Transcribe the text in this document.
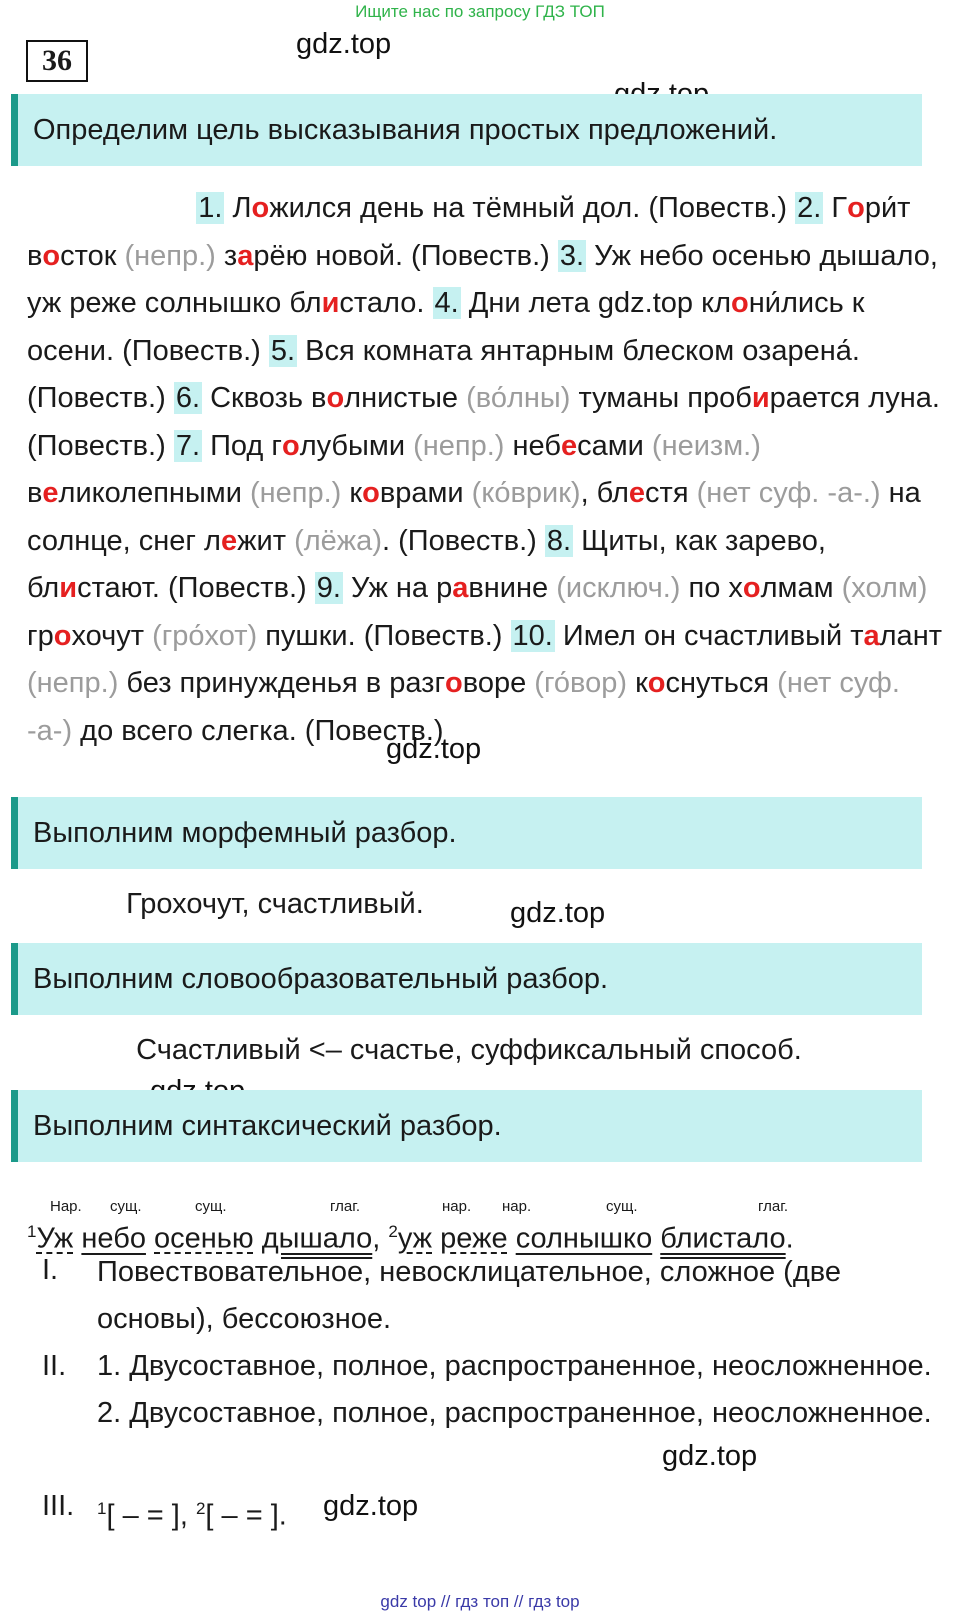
Ищите нас по запросу ГДЗ ТОП
36	gdz.top
Определим цель высказывания простых предложений.
1. Ложился день на тёмный дол. (Повеств.) 2. Гори́т восток (непр.) зарёю новой. (Повеств.) 3. Уж небо осенью дышало, уж реже солнышко блистало. 4. Дни лета gdz.top клони́лись к осени. (Повеств.) 5. Вся комната янтарным блеском озарена́. (Повеств.) 6. Сквозь волнистые (во́лны) туманы пробирается луна. (Повеств.) 7. Под голубыми (непр.) небесами (неизм.) великолепными (непр.) коврами (ко́врик), блестя (нет суф. -а-.) на солнце, снег лежит (лёжа). (Повеств.) 8. Щиты, как зарево, блистают. (Повеств.) 9. Уж на равнине (исключ.) по холмам (холм) грохочут (гро́хот) пушки. (Повеств.) 10. Имел он счастливый талант (непр.) без принужденья в разговоре (го́вор) коснуться (нет суф. -а-) до всего слегка. (Повеств.)
gdz.top
Выполним морфемный разбор.
Грохочут, счастливый.	gdz.top
Выполним словообразовательный разбор.
Счастливый <– счастье, суффиксальный способ.
Выполним синтаксический разбор.
Нар. сущ.	сущ.	глаг.	нар. нар.	сущ.	глаг.
$^1$Уж небо осенью дышало, $^2$уж реже солнышко блистало.
I. Повествовательное, невосклицательное, сложное (две основы), бессоюзное.
II. 1. Двусоставное, полное, распространенное, неосложненное. 2. Двусоставное, полное, распространенное, неосложненное.
gdz.top
III. $^1$[ – = ], $^2$[ – = ].	gdz.top
gdz top // гдз топ // гдз top
